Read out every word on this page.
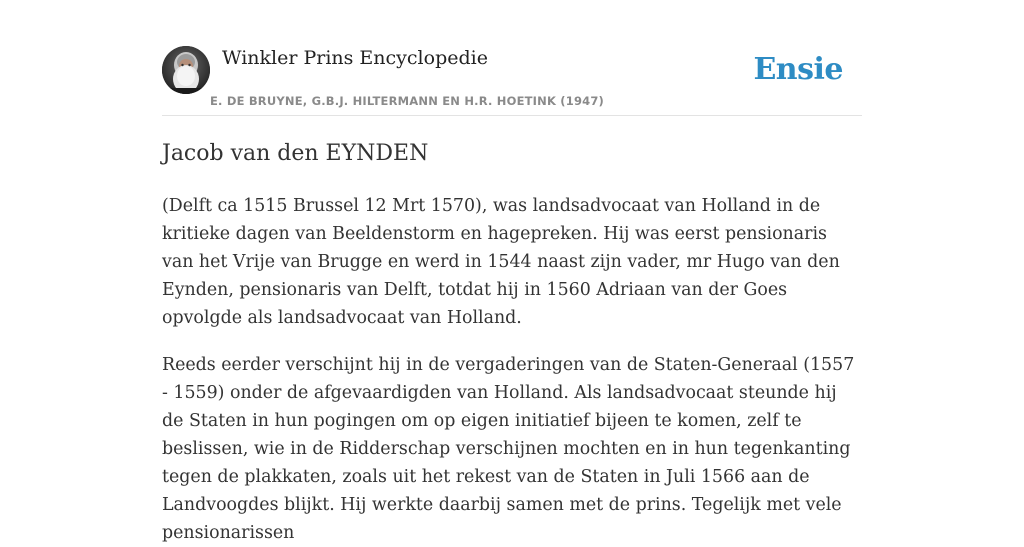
Winkler Prins Encyclopedie
E. DE BRUYNE, G.B.J. HILTERMANN EN H.R. HOETINK (1947)
Ensie
Jacob van den EYNDEN

(Delft ca 1515 Brussel 12 Mrt 1570), was landsadvocaat van Holland in de kritieke dagen van Beeldenstorm en hagepreken. Hij was eerst pensionaris van het Vrije van Brugge en werd in 1544 naast zijn vader, mr Hugo van den Eynden, pensionaris van Delft, totdat hij in 1560 Adriaan van der Goes opvolgde als landsadvocaat van Holland.

Reeds eerder verschijnt hij in de vergaderingen van de Staten-Generaal (1557 - 1559) onder de afgevaardigden van Holland. Als landsadvocaat steunde hij de Staten in hun pogingen om op eigen initiatief bijeen te komen, zelf te beslissen, wie in de Ridderschap verschijnen mochten en in hun tegenkanting tegen de plakkaten, zoals uit het rekest van de Staten in Juli 1566 aan de Landvoogdes blijkt. Hij werkte daarbij samen met de prins. Tegelijk met vele pensionarissen
